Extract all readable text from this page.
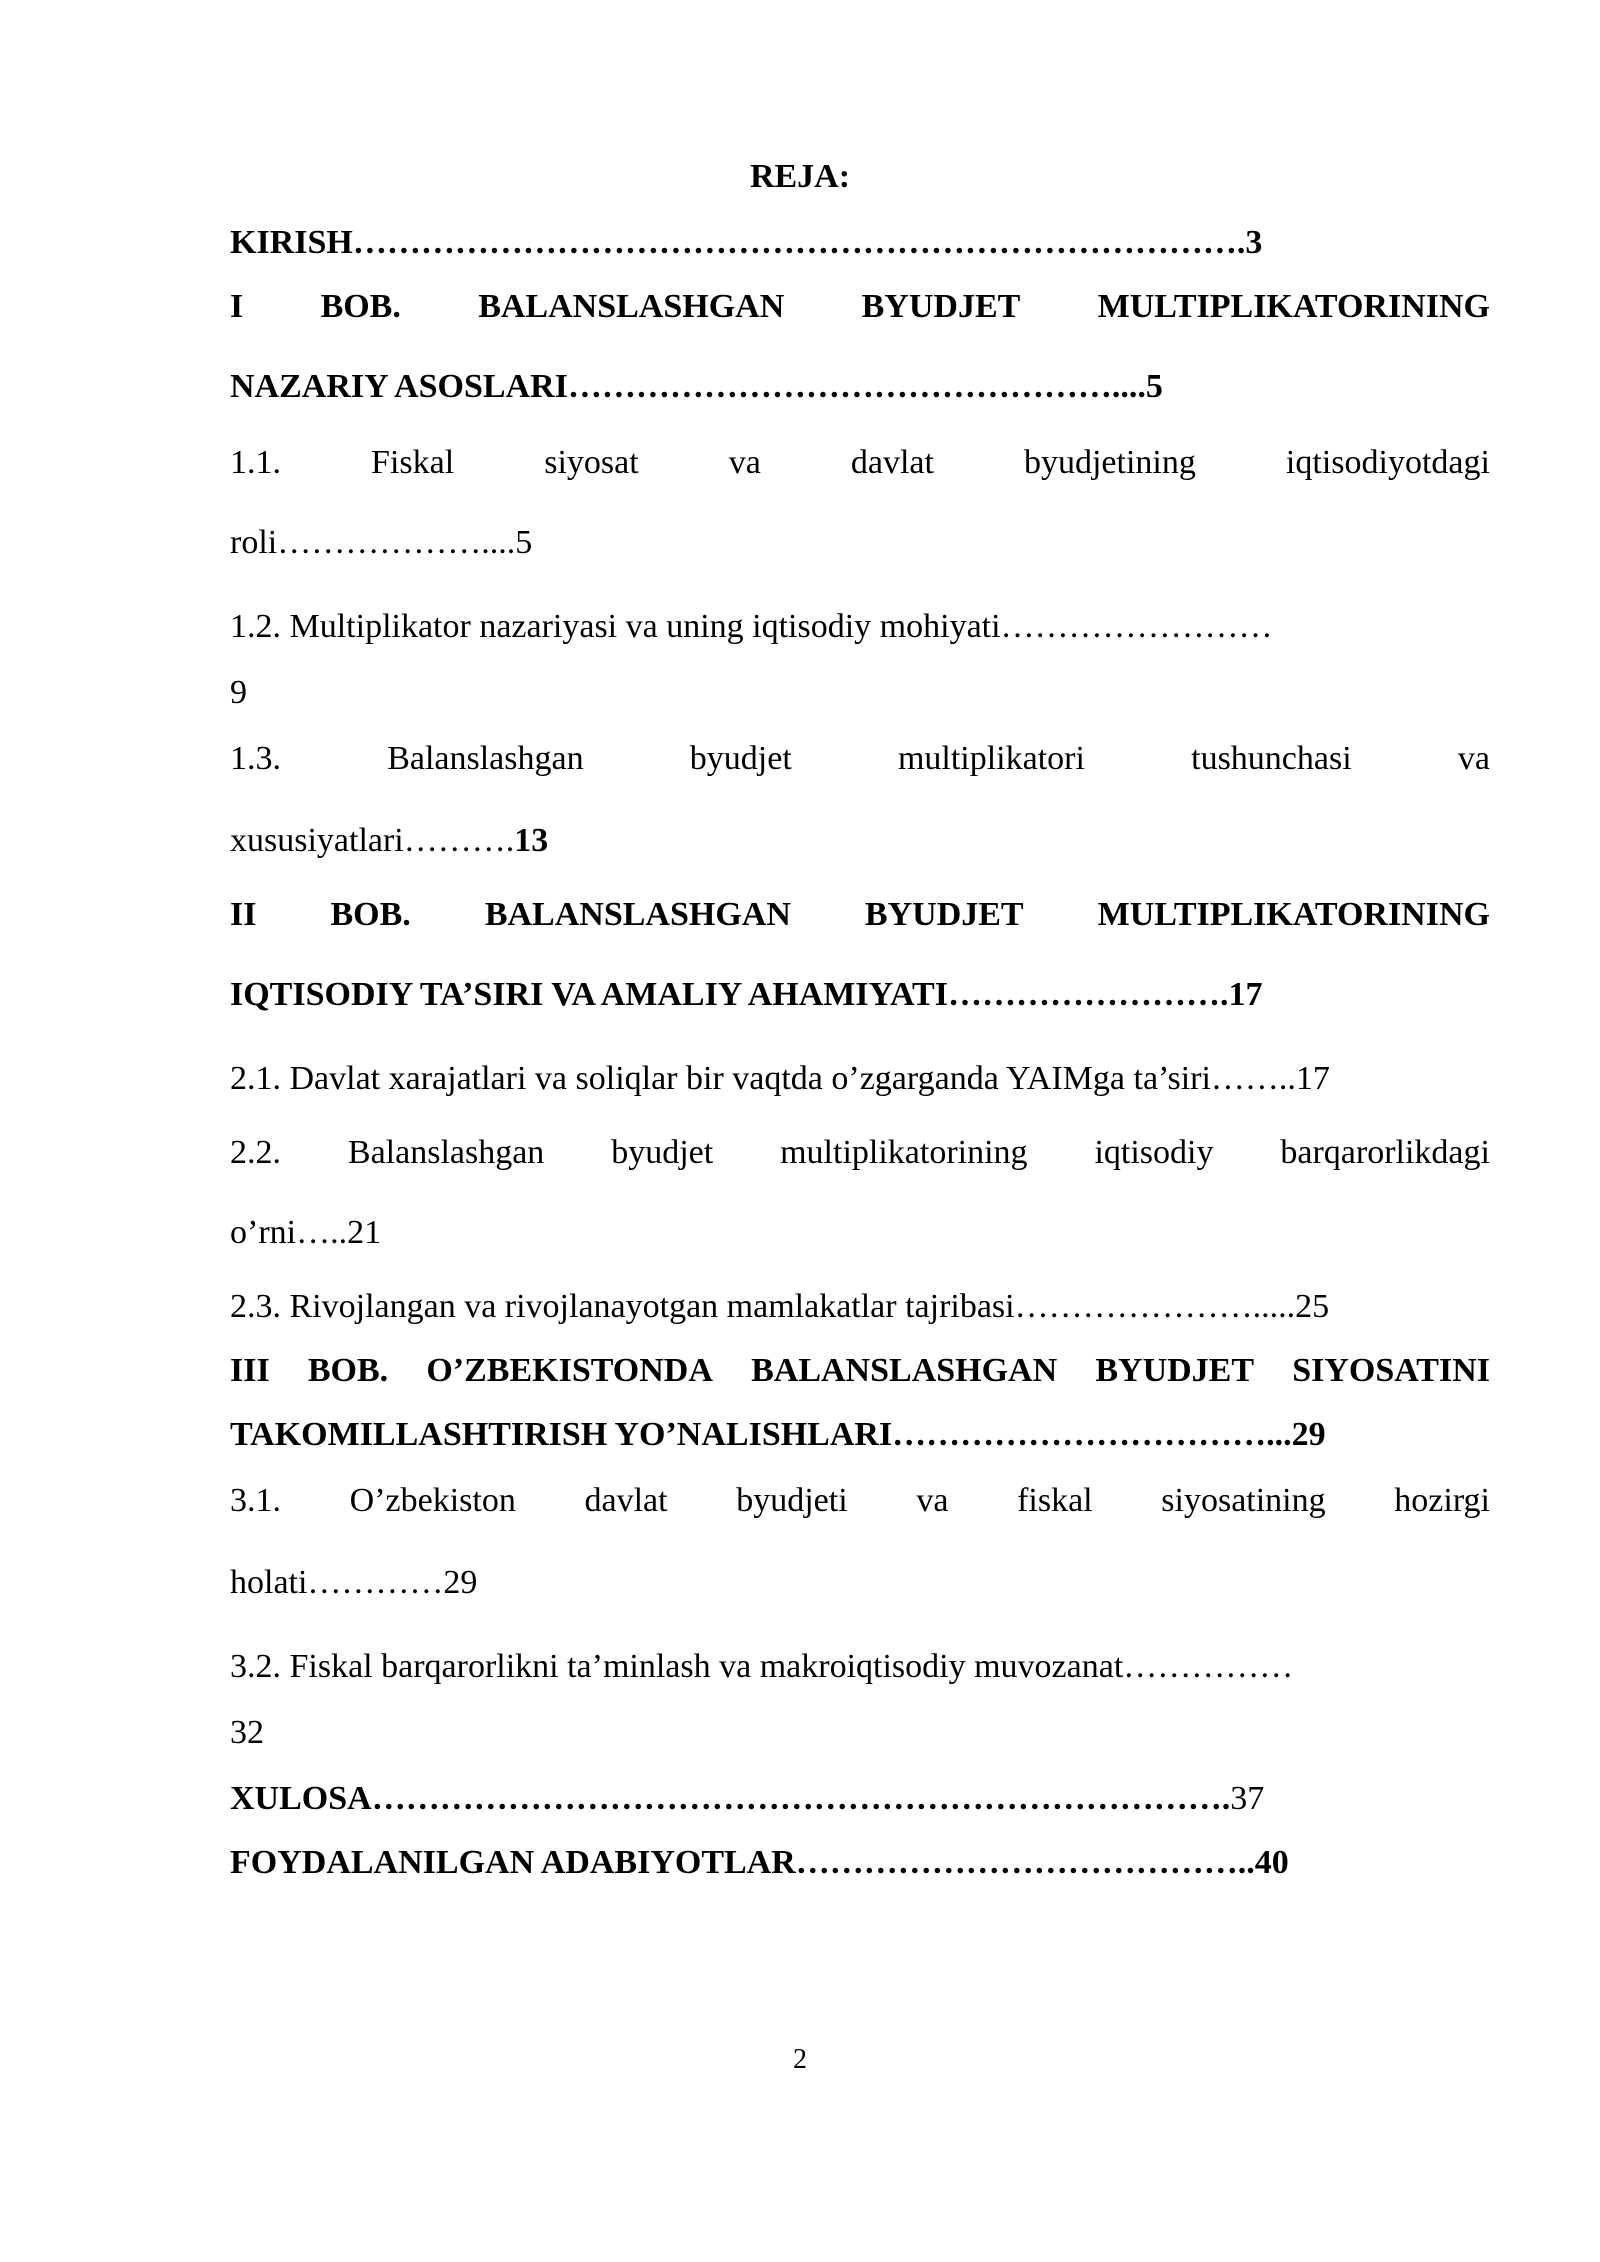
REJA:
KIRISH…………………………………………………………………….3
I BOB. BALANSLASHGAN BYUDJET MULTIPLIKATORINING
NAZARIY ASOSLARI…………………………………………....5
1.1.	Fiskal	siyosat	va	davlat	byudjetining	iqtisodiyotdagi
roli………………....5
1.2. Multiplikator nazariyasi va uning iqtisodiy mohiyati……………………
9
1.3.	Balanslashgan	byudjet	multiplikatori	tushunchasi	va
xususiyatlari……….13
II BOB. BALANSLASHGAN BYUDJET MULTIPLIKATORINING
IQTISODIY TA’SIRI VA AMALIY AHAMIYATI…………………….17
2.1. Davlat xarajatlari va soliqlar bir vaqtda o’zgarganda YAIMga ta’siri……..17
2.2. Balanslashgan byudjet multiplikatorining iqtisodiy barqarorlikdagi
o’rni…..21
2.3. Rivojlangan va rivojlanayotgan mamlakatlar tajribasi………………….....25
III BOB. O’ZBEKISTONDA BALANSLASHGAN BYUDJET SIYOSATINI
TAKOMILLASHTIRISH YO’NALISHLARI……………………………...29
3.1. O’zbekiston davlat byudjeti va fiskal siyosatining hozirgi
holati…………29
3.2. Fiskal barqarorlikni ta’minlash va makroiqtisodiy muvozanat……………
32
XULOSA………………………………………………………………….37
FOYDALANILGAN ADABIYOTLAR…………………………………..40
2
